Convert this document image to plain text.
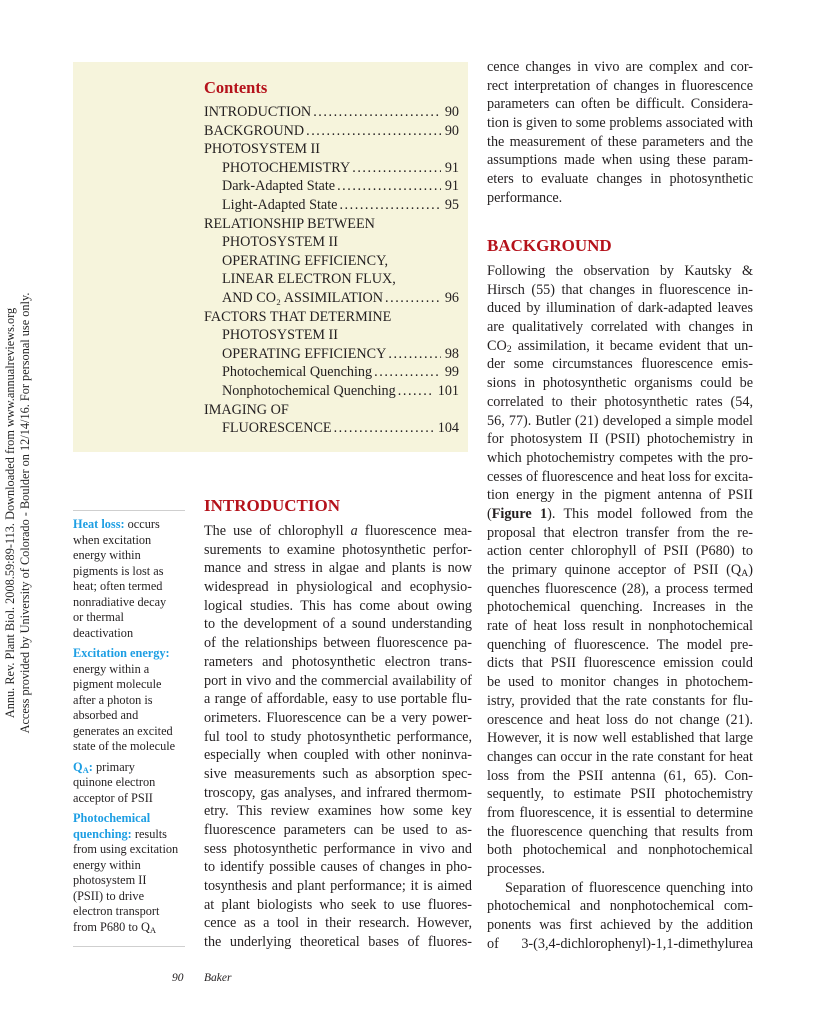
Annu. Rev. Plant Biol. 2008.59:89-113. Downloaded from www.annualreviews.org Access provided by University of Colorado - Boulder on 12/14/16. For personal use only.
Contents
INTRODUCTION . . .	90
BACKGROUND . . .	90
PHOTOSYSTEM II
PHOTOCHEMISTRY . . .	91
Dark-Adapted State . . .	91
Light-Adapted State . . .	95
RELATIONSHIP BETWEEN
PHOTOSYSTEM II
OPERATING EFFICIENCY,
LINEAR ELECTRON FLUX,
AND CO₂ ASSIMILATION . . .	96
FACTORS THAT DETERMINE
PHOTOSYSTEM II
OPERATING EFFICIENCY . . .	98
Photochemical Quenching . . .	99
Nonphotochemical Quenching . . .	101
IMAGING OF
FLUORESCENCE . . .	104
Heat loss: occurs
when excitation
energy within
pigments is lost as
heat; often termed
nonradiative decay
or thermal
deactivation
Excitation energy:
energy within a
pigment molecule
after a photon is
absorbed and
generates an excited
state of the molecule
$Q_A$: primary
quinone electron
acceptor of PSII
Photochemical
quenching: results
from using excitation
energy within
photosystem II
(PSII) to drive
electron transport
from P680 to $Q_A$
INTRODUCTION
The use of chlorophyll a fluorescence mea-
surements to examine photosynthetic perfor-
mance and stress in algae and plants is now
widespread in physiological and ecophysio-
logical studies. This has come about owing
to the development of a sound understanding
of the relationships between fluorescence pa-
rameters and photosynthetic electron trans-
port in vivo and the commercial availability of
a range of affordable, easy to use portable flu-
orimeters. Fluorescence can be a very power-
ful tool to study photosynthetic performance,
especially when coupled with other noninva-
sive measurements such as absorption spec-
troscopy, gas analyses, and infrared thermom-
etry. This review examines how some key
fluorescence parameters can be used to as-
sess photosynthetic performance in vivo and
to identify possible causes of changes in pho-
tosynthesis and plant performance; it is aimed
at plant biologists who seek to use fluores-
cence as a tool in their research. However,
the underlying theoretical bases of fluores-
cence changes in vivo are complex and cor-
rect interpretation of changes in fluorescence
parameters can often be difficult. Considera-
tion is given to some problems associated with
the measurement of these parameters and the
assumptions made when using these param-
eters to evaluate changes in photosynthetic
performance.
BACKGROUND
Following the observation by Kautsky &
Hirsch (55) that changes in fluorescence in-
duced by illumination of dark-adapted leaves
are qualitatively correlated with changes in
$CO_2$ assimilation, it became evident that un-
der some circumstances fluorescence emis-
sions in photosynthetic organisms could be
correlated to their photosynthetic rates (54,
56, 77). Butler (21) developed a simple model
for photosystem II (PSII) photochemistry in
which photochemistry competes with the pro-
cesses of fluorescence and heat loss for excita-
tion energy in the pigment antenna of PSII
(Figure 1). This model followed from the
proposal that electron transfer from the re-
action center chlorophyll of PSII (P680) to
the primary quinone acceptor of PSII $(Q_A)$
quenches fluorescence (28), a process termed
photochemical quenching. Increases in the
rate of heat loss result in nonphotochemical
quenching of fluorescence. The model pre-
dicts that PSII fluorescence emission could
be used to monitor changes in photochem-
istry, provided that the rate constants for flu-
orescence and heat loss do not change (21).
However, it is now well established that large
changes can occur in the rate constant for heat
loss from the PSII antenna (61, 65). Con-
sequently, to estimate PSII photochemistry
from fluorescence, it is essential to determine
the fluorescence quenching that results from
both photochemical and nonphotochemical
processes.
Separation of fluorescence quenching into
photochemical and nonphotochemical com-
ponents was first achieved by the addition
of 3-(3,4-dichlorophenyl)-1,1-dimethylurea
90 Baker
